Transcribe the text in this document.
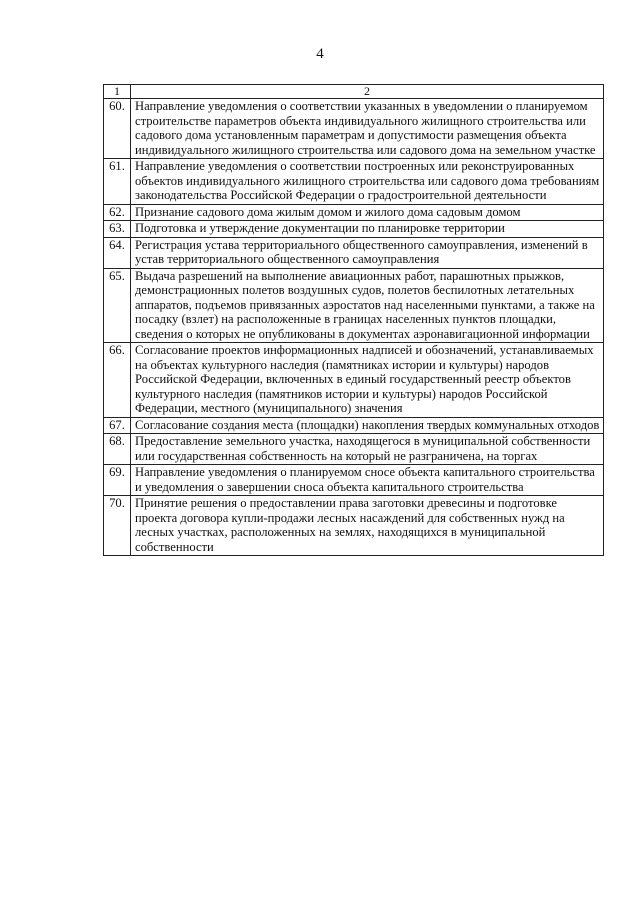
4
1	2
60.	Направление уведомления о соответствии указанных в уведомлении о планируемом строительстве параметров объекта индивидуального жилищного строительства или садового дома установленным параметрам и допустимости размещения объекта индивидуального жилищного строительства или садового дома на земельном участке
61.	Направление уведомления о соответствии построенных или реконструированных объектов индивидуального жилищного строительства или садового дома требованиям законодательства Российской Федерации о градостроительной деятельности
62.	Признание садового дома жилым домом и жилого дома садовым домом
63.	Подготовка и утверждение документации по планировке территории
64.	Регистрация устава территориального общественного самоуправления, изменений в устав территориального общественного самоуправления
65.	Выдача разрешений на выполнение авиационных работ, парашютных прыжков, демонстрационных полетов воздушных судов, полетов беспилотных летательных аппаратов, подъемов привязанных аэростатов над населенными пунктами, а также на посадку (взлет) на расположенные в границах населенных пунктов площадки, сведения о которых не опубликованы в документах аэронавигационной информации
66.	Согласование проектов информационных надписей и обозначений, устанавливаемых на объектах культурного наследия (памятниках истории и культуры) народов Российской Федерации, включенных в единый государственный реестр объектов культурного наследия (памятников истории и культуры) народов Российской Федерации, местного (муниципального) значения
67.	Согласование создания места (площадки) накопления твердых коммунальных отходов
68.	Предоставление земельного участка, находящегося в муниципальной собственности или государственная собственность на который не разграничена, на торгах
69.	Направление уведомления о планируемом сносе объекта капитального строительства и уведомления о завершении сноса объекта капитального строительства
70.	Принятие решения о предоставлении права заготовки древесины и подготовке проекта договора купли-продажи лесных насаждений для собственных нужд на лесных участках, расположенных на землях, находящихся в муниципальной собственности
